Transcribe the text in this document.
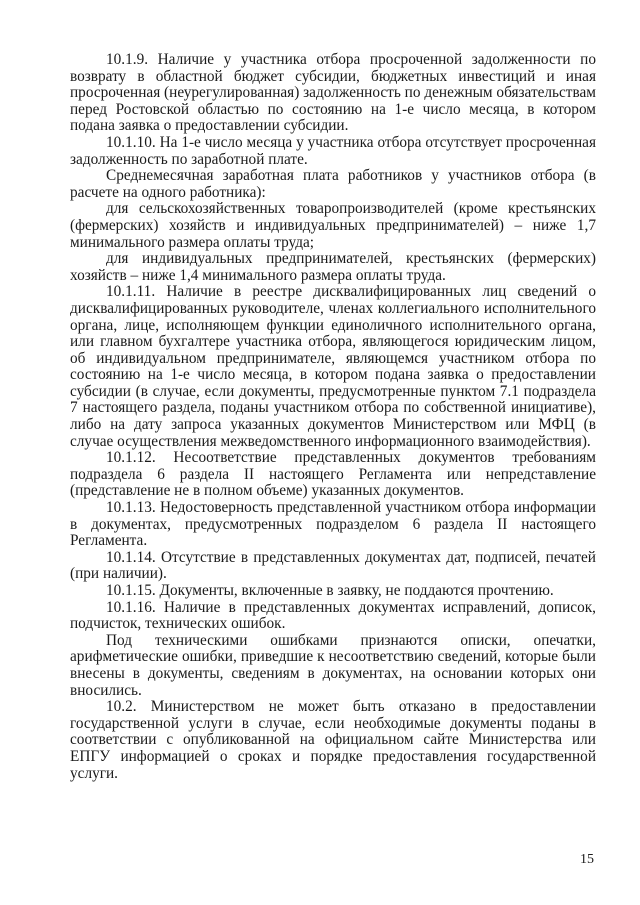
10.1.9. Наличие у участника отбора просроченной задолженности по возврату в областной бюджет субсидии, бюджетных инвестиций и иная просроченная (неурегулированная) задолженность по денежным обязательствам перед Ростовской областью по состоянию на 1-е число месяца, в котором подана заявка о предоставлении субсидии.

10.1.10. На 1-е число месяца у участника отбора отсутствует просроченная задолженность по заработной плате.

Среднемесячная заработная плата работников у участников отбора (в расчете на одного работника):

для сельскохозяйственных товаропроизводителей (кроме крестьянских (фермерских) хозяйств и индивидуальных предпринимателей) – ниже 1,7 минимального размера оплаты труда;

для индивидуальных предпринимателей, крестьянских (фермерских) хозяйств – ниже 1,4 минимального размера оплаты труда.

10.1.11. Наличие в реестре дисквалифицированных лиц сведений о дисквалифицированных руководителе, членах коллегиального исполнительного органа, лице, исполняющем функции единоличного исполнительного органа, или главном бухгалтере участника отбора, являющегося юридическим лицом, об индивидуальном предпринимателе, являющемся участником отбора по состоянию на 1-е число месяца, в котором подана заявка о предоставлении субсидии (в случае, если документы, предусмотренные пунктом 7.1 подраздела 7 настоящего раздела, поданы участником отбора по собственной инициативе), либо на дату запроса указанных документов Министерством или МФЦ (в случае осуществления межведомственного информационного взаимодействия).

10.1.12. Несоответствие представленных документов требованиям подраздела 6 раздела II настоящего Регламента или непредставление (представление не в полном объеме) указанных документов.

10.1.13. Недостоверность представленной участником отбора информации в документах, предусмотренных подразделом 6 раздела II настоящего Регламента.

10.1.14. Отсутствие в представленных документах дат, подписей, печатей (при наличии).

10.1.15. Документы, включенные в заявку, не поддаются прочтению.

10.1.16. Наличие в представленных документах исправлений, дописок, подчисток, технических ошибок.

Под техническими ошибками признаются описки, опечатки, арифметические ошибки, приведшие к несоответствию сведений, которые были внесены в документы, сведениям в документах, на основании которых они вносились.

10.2. Министерством не может быть отказано в предоставлении государственной услуги в случае, если необходимые документы поданы в соответствии с опубликованной на официальном сайте Министерства или ЕПГУ информацией о сроках и порядке предоставления государственной услуги.

15
